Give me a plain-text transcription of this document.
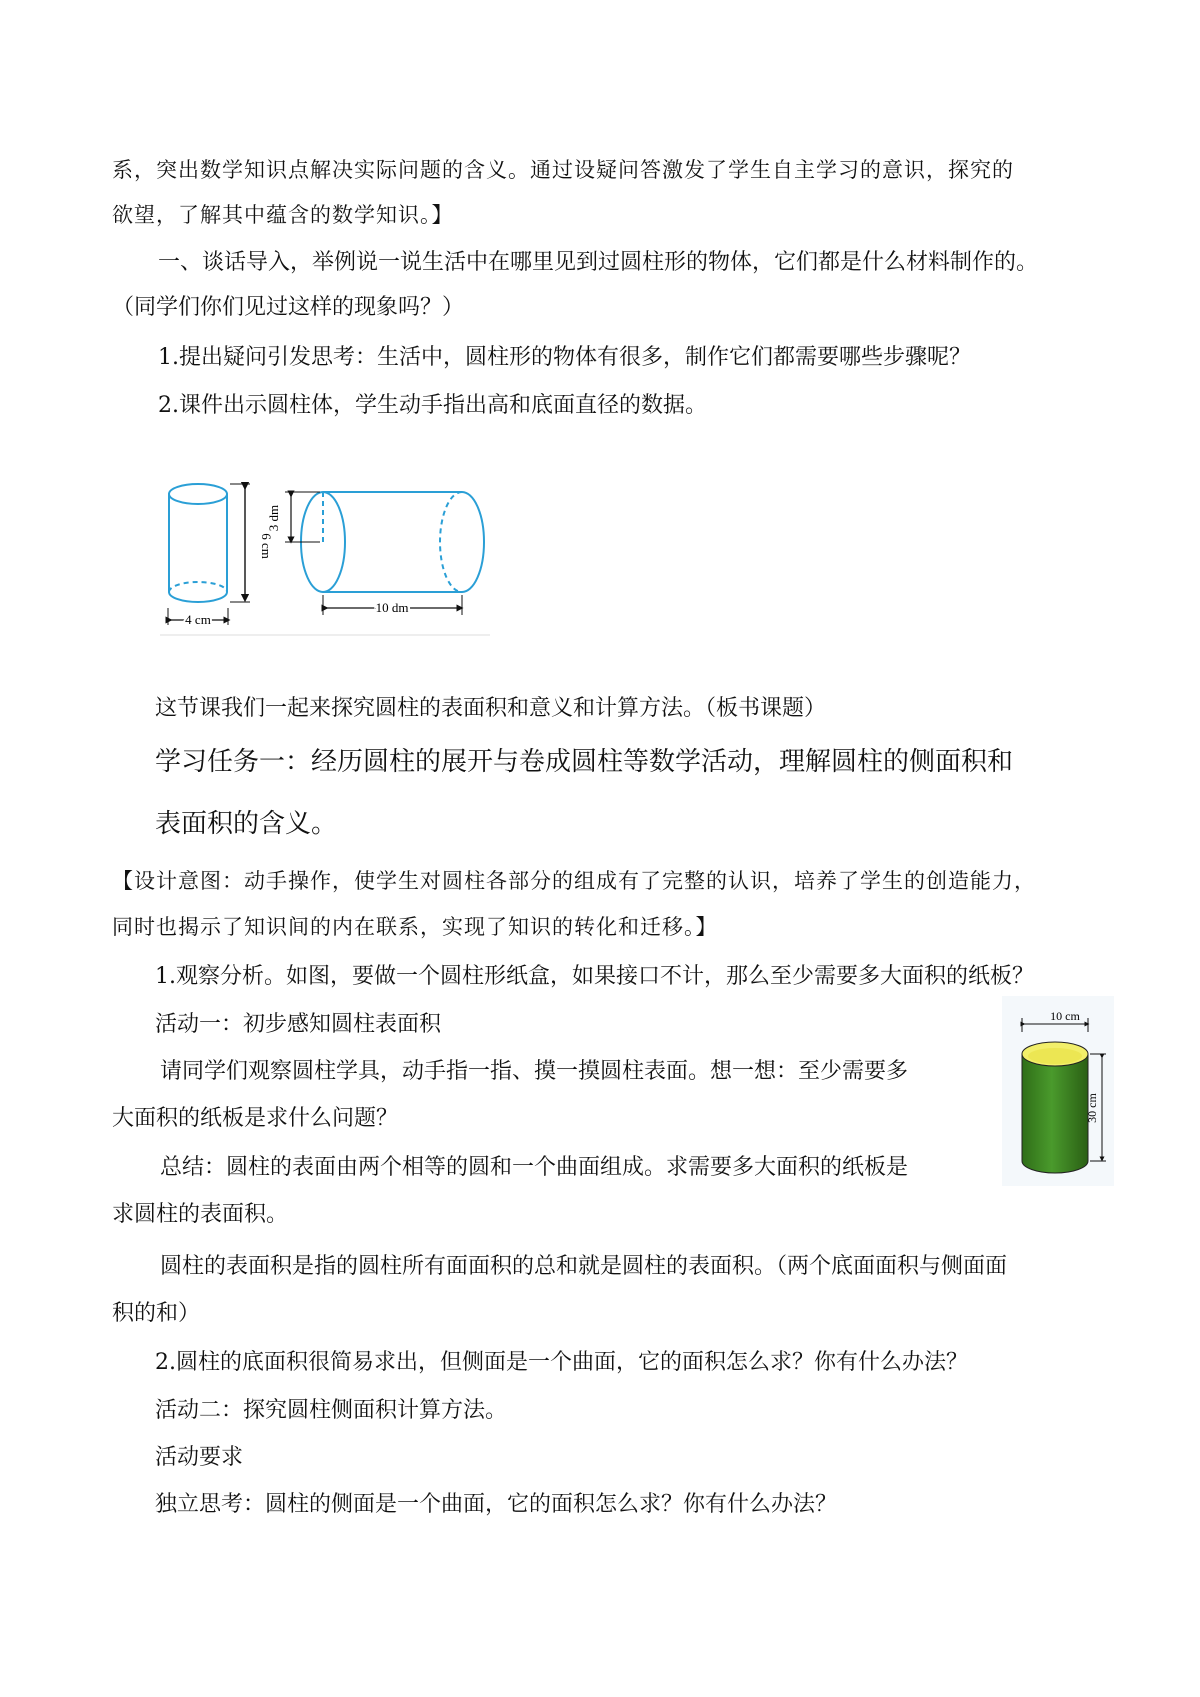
系，突出数学知识点解决实际问题的含义。通过设疑问答激发了学生自主学习的意识，探究的
欲望，了解其中蕴含的数学知识。】
一、谈话导入，举例说一说生活中在哪里见到过圆柱形的物体，它们都是什么材料制作的。
（同学们你们见过这样的现象吗？）
1.提出疑问引发思考：生活中，圆柱形的物体有很多，制作它们都需要哪些步骤呢？
2.课件出示圆柱体，学生动手指出高和底面直径的数据。
6 cm
4 cm
3 dm
10 dm
这节课我们一起来探究圆柱的表面积和意义和计算方法。（板书课题）
学习任务一：经历圆柱的展开与卷成圆柱等数学活动，理解圆柱的侧面积和
表面积的含义。
【设计意图：动手操作，使学生对圆柱各部分的组成有了完整的认识，培养了学生的创造能力，
同时也揭示了知识间的内在联系，实现了知识的转化和迁移。】
1.观察分析。如图，要做一个圆柱形纸盒，如果接口不计，那么至少需要多大面积的纸板？
活动一：初步感知圆柱表面积
请同学们观察圆柱学具，动手指一指、摸一摸圆柱表面。想一想：至少需要多
大面积的纸板是求什么问题？
总结：圆柱的表面由两个相等的圆和一个曲面组成。求需要多大面积的纸板是
求圆柱的表面积。
10 cm
30 cm
圆柱的表面积是指的圆柱所有面面积的总和就是圆柱的表面积。（两个底面面积与侧面面
积的和）
2.圆柱的底面积很简易求出，但侧面是一个曲面，它的面积怎么求？你有什么办法？
活动二：探究圆柱侧面积计算方法。
活动要求
独立思考：圆柱的侧面是一个曲面，它的面积怎么求？你有什么办法？
